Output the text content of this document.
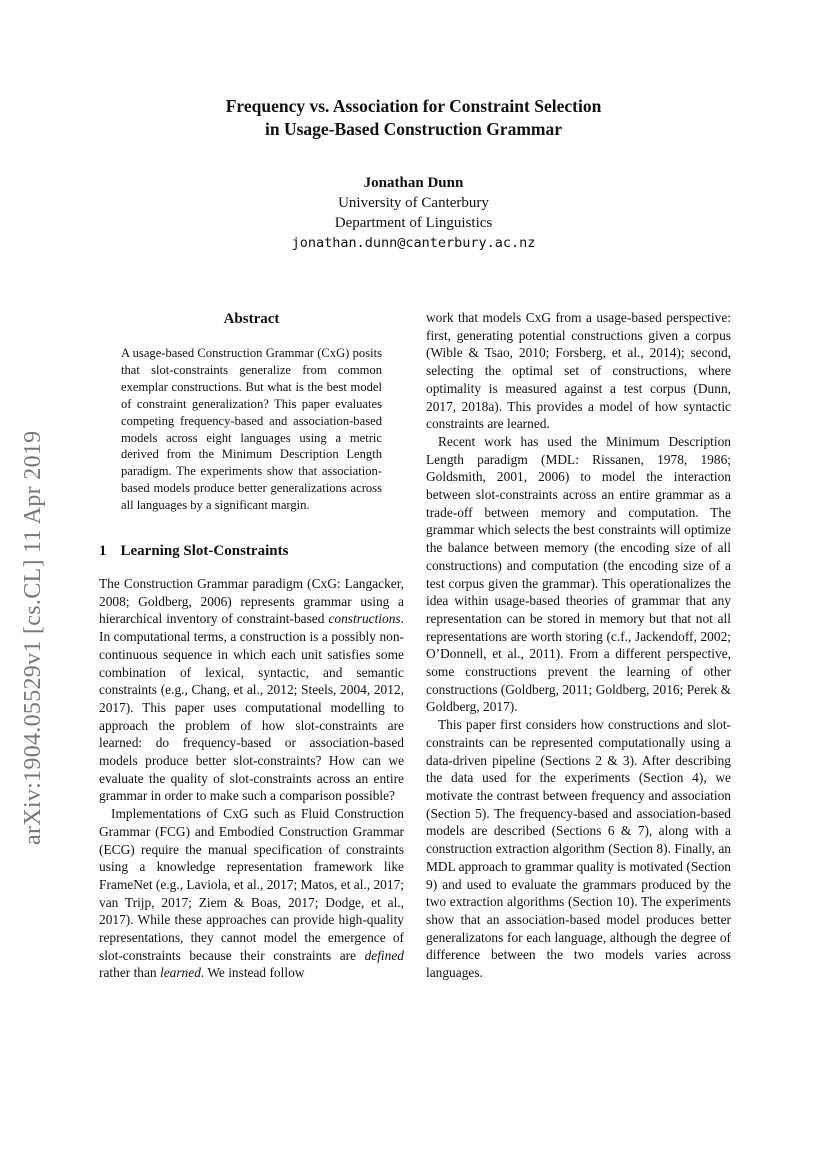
Frequency vs. Association for Constraint Selection
in Usage-Based Construction Grammar
Jonathan Dunn
University of Canterbury
Department of Linguistics
jonathan.dunn@canterbury.ac.nz
arXiv:1904.05529v1 [cs.CL] 11 Apr 2019
Abstract
A usage-based Construction Grammar (CxG) posits that slot-constraints generalize from common exemplar constructions. But what is the best model of constraint generalization? This paper evaluates competing frequency-based and association-based models across eight languages using a metric derived from the Minimum Description Length paradigm. The experiments show that association-based models produce better generalizations across all languages by a significant margin.
1 Learning Slot-Constraints

The Construction Grammar paradigm (CxG: Langacker, 2008; Goldberg, 2006) represents grammar using a hierarchical inventory of constraint-based constructions. In computational terms, a construction is a possibly non-continuous sequence in which each unit satisfies some combination of lexical, syntactic, and semantic constraints (e.g., Chang, et al., 2012; Steels, 2004, 2012, 2017). This paper uses computational modelling to approach the problem of how slot-constraints are learned: do frequency-based or association-based models produce better slot-constraints? How can we evaluate the quality of slot-constraints across an entire grammar in order to make such a comparison possible?

Implementations of CxG such as Fluid Construction Grammar (FCG) and Embodied Construction Grammar (ECG) require the manual specification of constraints using a knowledge representation framework like FrameNet (e.g., Laviola, et al., 2017; Matos, et al., 2017; van Trijp, 2017; Ziem & Boas, 2017; Dodge, et al., 2017). While these approaches can provide high-quality representations, they cannot model the emergence of slot-constraints because their constraints are defined rather than learned. We instead follow

work that models CxG from a usage-based perspective: first, generating potential constructions given a corpus (Wible & Tsao, 2010; Forsberg, et al., 2014); second, selecting the optimal set of constructions, where optimality is measured against a test corpus (Dunn, 2017, 2018a). This provides a model of how syntactic constraints are learned.

Recent work has used the Minimum Description Length paradigm (MDL: Rissanen, 1978, 1986; Goldsmith, 2001, 2006) to model the interaction between slot-constraints across an entire grammar as a trade-off between memory and computation. The grammar which selects the best constraints will optimize the balance between memory (the encoding size of all constructions) and computation (the encoding size of a test corpus given the grammar). This operationalizes the idea within usage-based theories of grammar that any representation can be stored in memory but that not all representations are worth storing (c.f., Jackendoff, 2002; O’Donnell, et al., 2011). From a different perspective, some constructions prevent the learning of other constructions (Goldberg, 2011; Goldberg, 2016; Perek & Goldberg, 2017).

This paper first considers how constructions and slot-constraints can be represented computationally using a data-driven pipeline (Sections 2 & 3). After describing the data used for the experiments (Section 4), we motivate the contrast between frequency and association (Section 5). The frequency-based and association-based models are described (Sections 6 & 7), along with a construction extraction algorithm (Section 8). Finally, an MDL approach to grammar quality is motivated (Section 9) and used to evaluate the grammars produced by the two extraction algorithms (Section 10). The experiments show that an association-based model produces better generalizatons for each language, although the degree of difference between the two models varies across languages.
